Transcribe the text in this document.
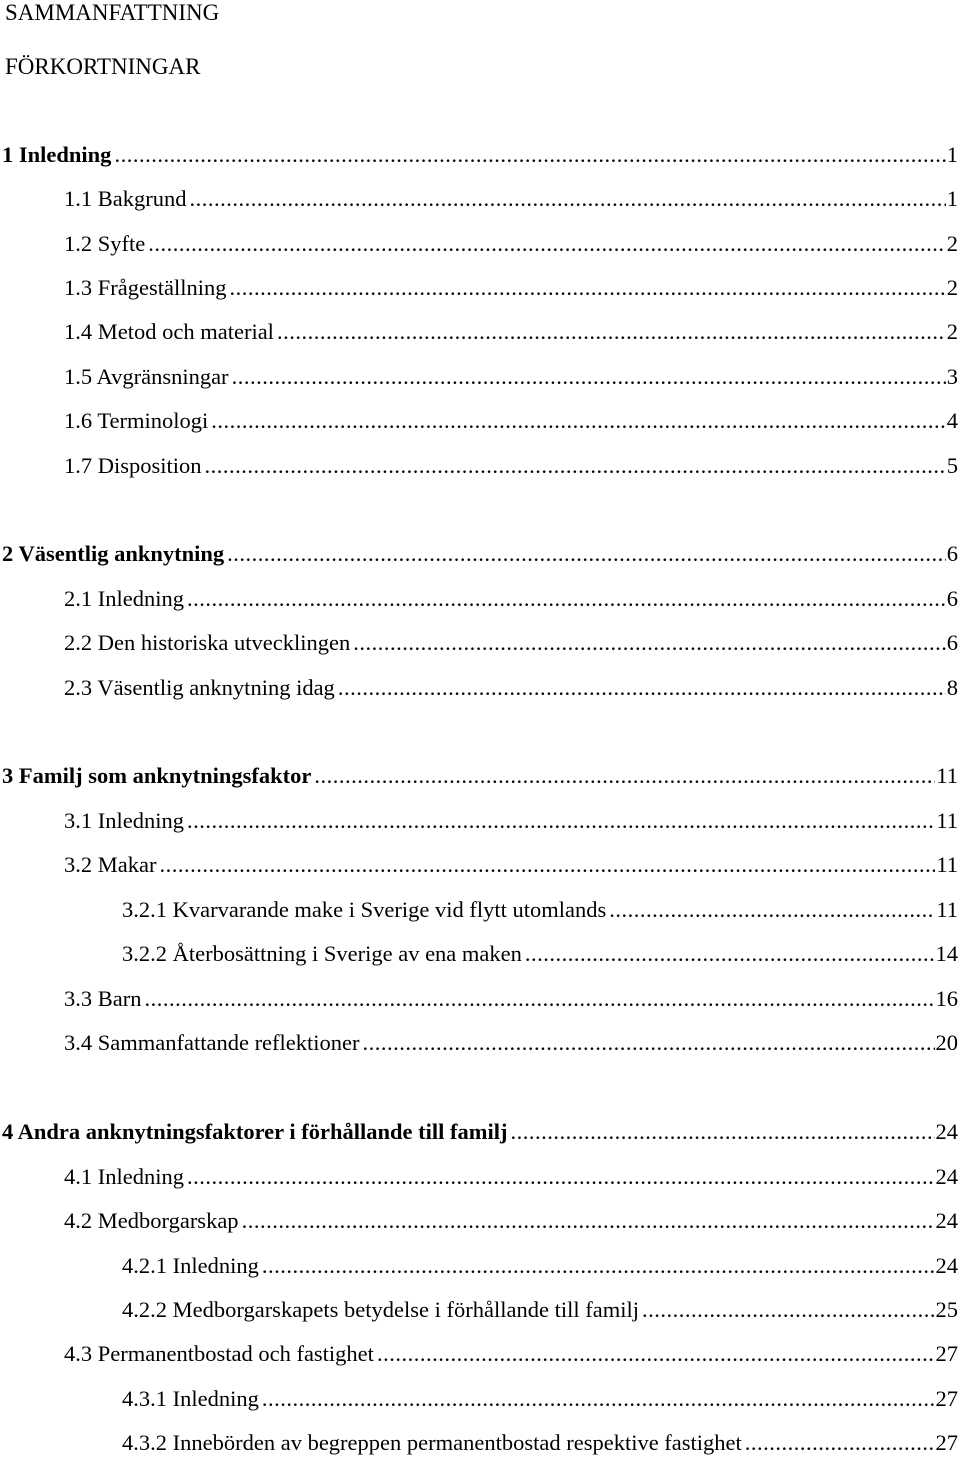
SAMMANFATTNING
FÖRKORTNINGAR
1 Inledning .....	1
1.1 Bakgrund .....	1
1.2 Syfte .....	2
1.3 Frågeställning .....	2
1.4 Metod och material .....	2
1.5 Avgränsningar .....	3
1.6 Terminologi .....	4
1.7 Disposition .....	5
2 Väsentlig anknytning .....	6
2.1 Inledning .....	6
2.2 Den historiska utvecklingen .....	6
2.3 Väsentlig anknytning idag .....	8
3 Familj som anknytningsfaktor .....	11
3.1 Inledning .....	11
3.2 Makar .....	11
3.2.1 Kvarvarande make i Sverige vid flytt utomlands .....	11
3.2.2 Återbosättning i Sverige av ena maken .....	14
3.3 Barn .....	16
3.4 Sammanfattande reflektioner .....	20
4 Andra anknytningsfaktorer i förhållande till familj .....	24
4.1 Inledning .....	24
4.2 Medborgarskap .....	24
4.2.1 Inledning .....	24
4.2.2 Medborgarskapets betydelse i förhållande till familj .....	25
4.3 Permanentbostad och fastighet .....	27
4.3.1 Inledning .....	27
4.3.2 Innebörden av begreppen permanentbostad respektive fastighet .....	27
